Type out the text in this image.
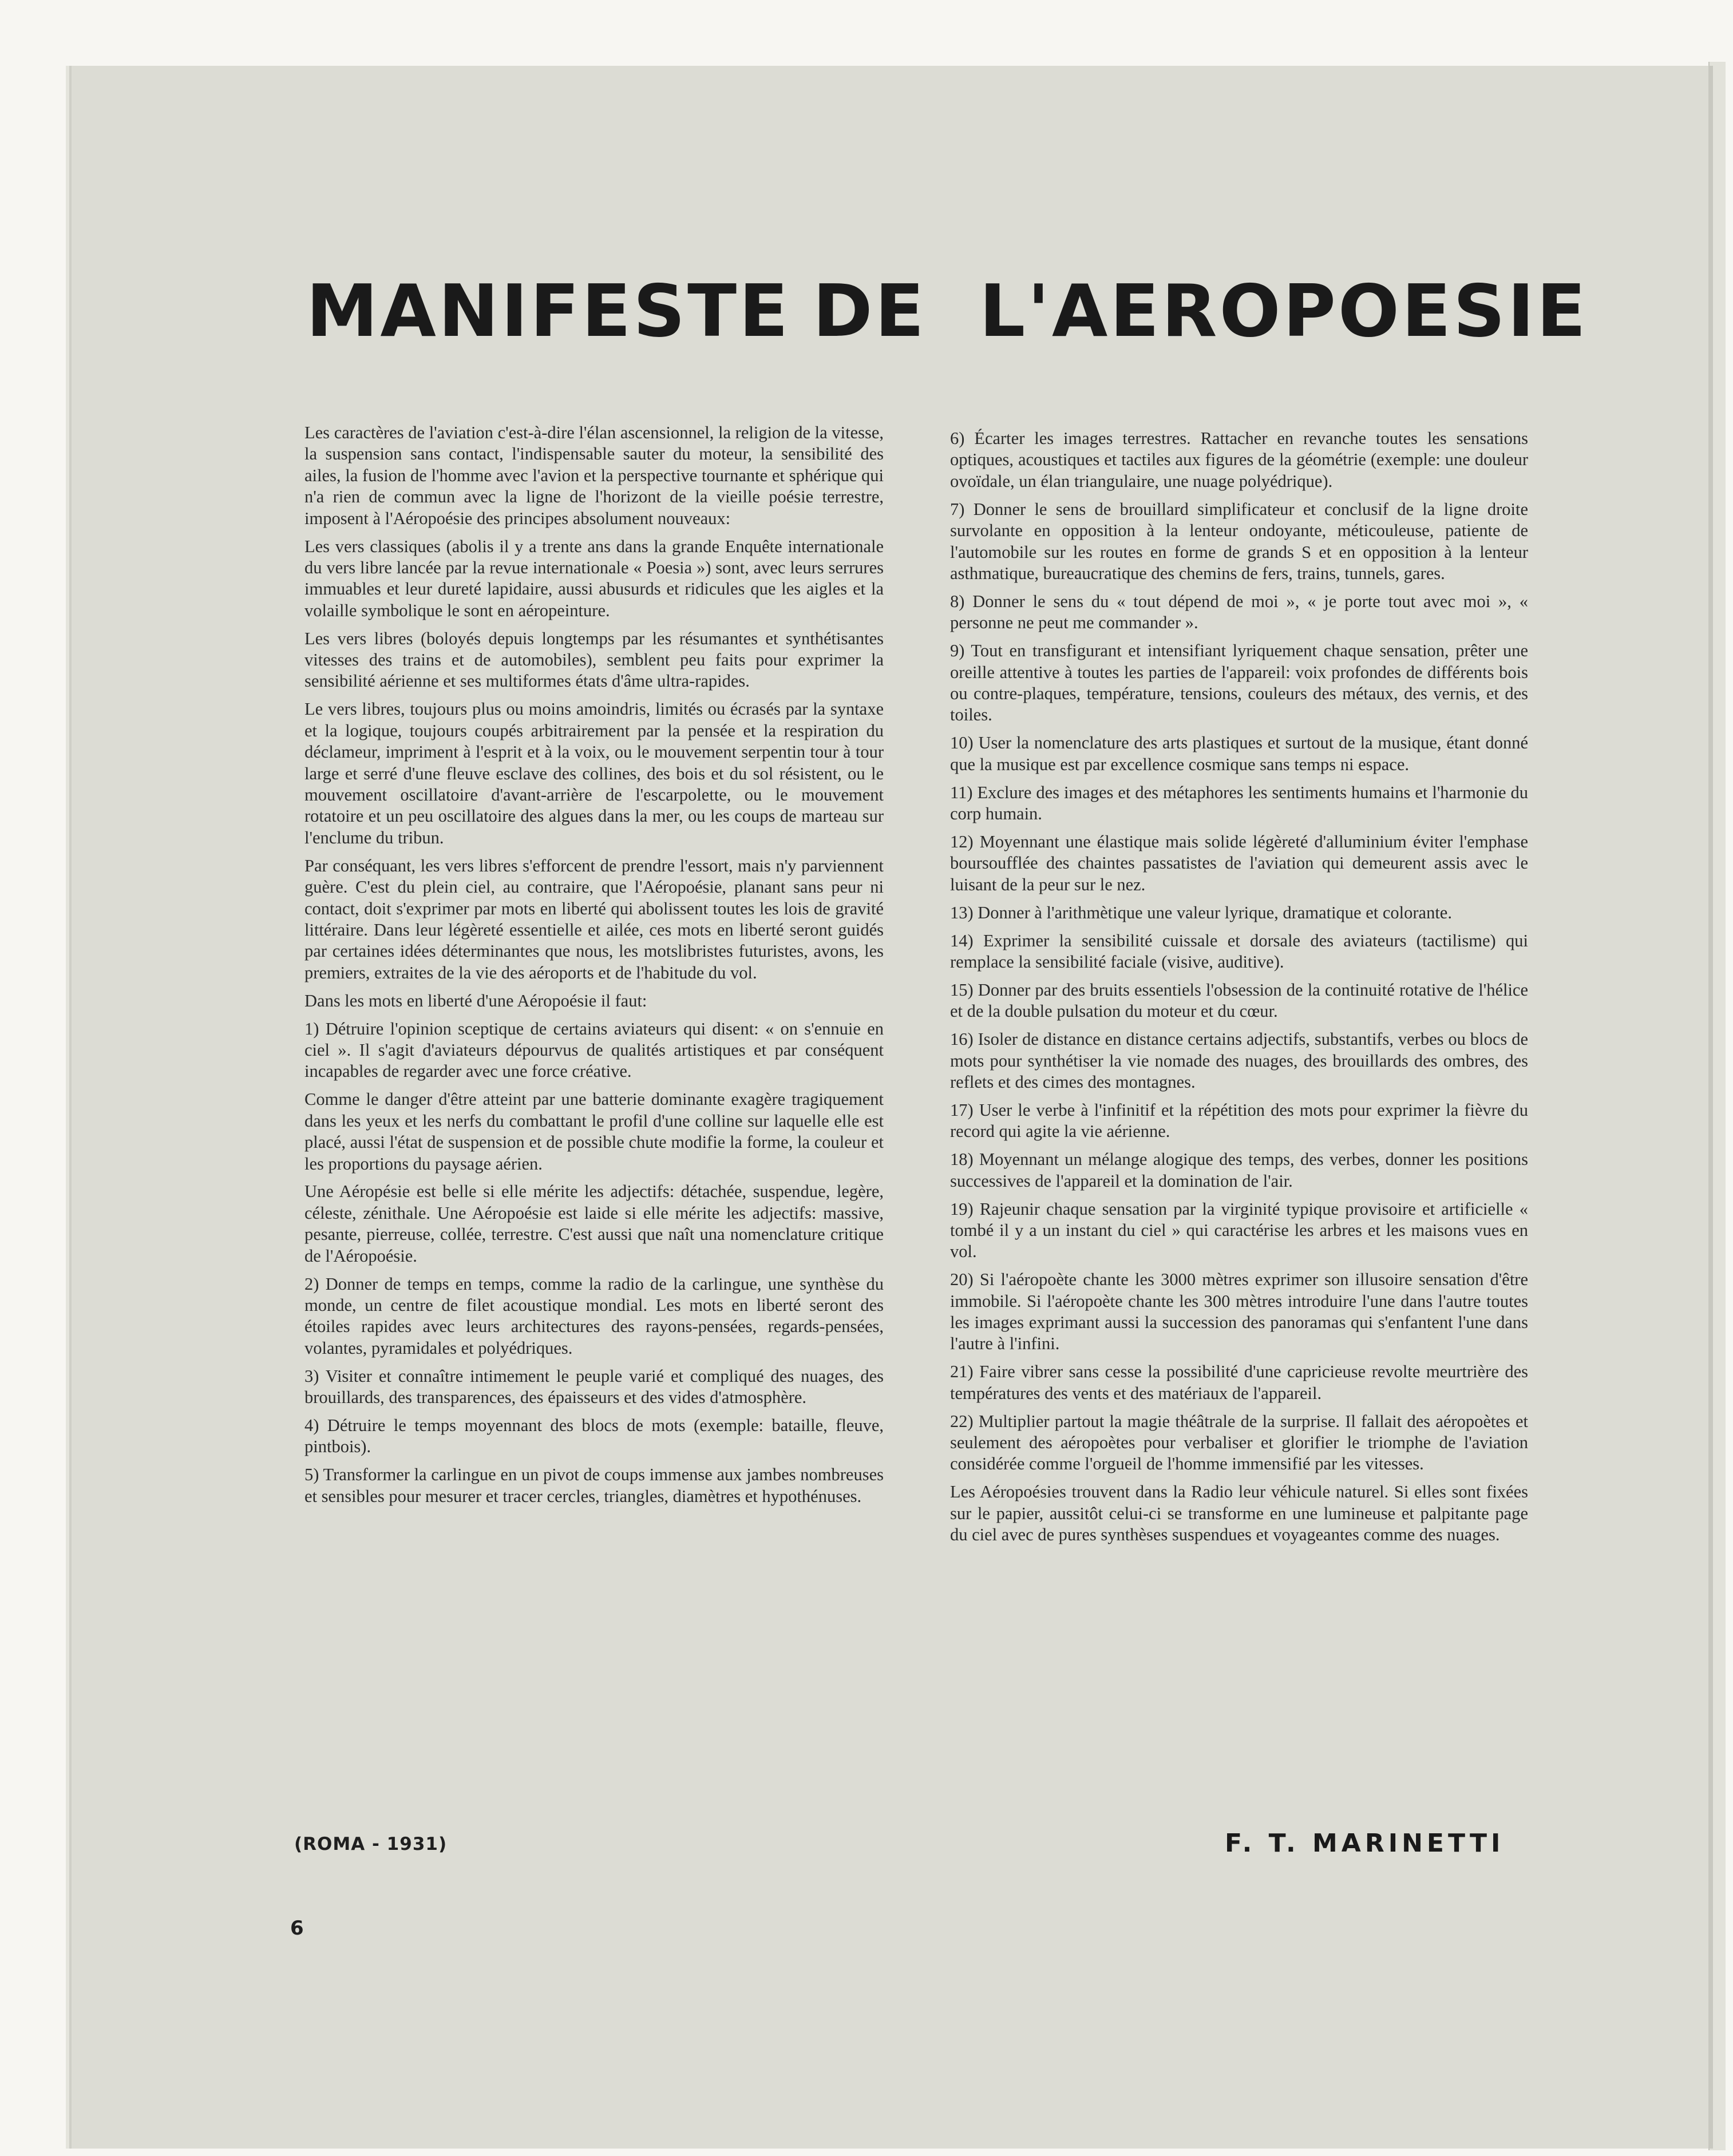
MANIFESTE DE L'AEROPOESIE

Les caractères de l'aviation c'est-à-dire l'élan ascensionnel, la religion de la vitesse, la suspension sans contact, l'indispensable sauter du moteur, la sensibilité des ailes, la fusion de l'homme avec l'avion et la perspective tournante et sphérique qui n'a rien de commun avec la ligne de l'horizont de la vieille poésie terrestre, imposent à l'Aéropoésie des principes absolument nouveaux:

Les vers classiques (abolis il y a trente ans dans la grande Enquête internationale du vers libre lancée par la revue internationale « Poesia ») sont, avec leurs serrures immuables et leur dureté lapidaire, aussi abusurds et ridicules que les aigles et la volaille symbolique le sont en aéropeinture.

Les vers libres (boloyés depuis longtemps par les résumantes et synthétisantes vitesses des trains et de automobiles), semblent peu faits pour exprimer la sensibilité aérienne et ses multiformes états d'âme ultra-rapides.

Le vers libres, toujours plus ou moins amoindris, limités ou écrasés par la syntaxe et la logique, toujours coupés arbitrairement par la pensée et la respiration du déclameur, impriment à l'esprit et à la voix, ou le mouvement serpentin tour à tour large et serré d'une fleuve esclave des collines, des bois et du sol résistent, ou le mouvement oscillatoire d'avant-arrière de l'escarpolette, ou le mouvement rotatoire et un peu oscillatoire des algues dans la mer, ou les coups de marteau sur l'enclume du tribun.

Par conséquant, les vers libres s'efforcent de prendre l'essort, mais n'y parviennent guère. C'est du plein ciel, au contraire, que l'Aéropoésie, planant sans peur ni contact, doit s'exprimer par mots en liberté qui abolissent toutes les lois de gravité littéraire. Dans leur légèreté essentielle et ailée, ces mots en liberté seront guidés par certaines idées déterminantes que nous, les motslibristes futuristes, avons, les premiers, extraites de la vie des aéroports et de l'habitude du vol.

Dans les mots en liberté d'une Aéropoésie il faut:

1) Détruire l'opinion sceptique de certains aviateurs qui disent: « on s'ennuie en ciel ». Il s'agit d'aviateurs dépourvus de qualités artistiques et par conséquent incapables de regarder avec une force créative.

Comme le danger d'être atteint par une batterie dominante exagère tragiquement dans les yeux et les nerfs du combattant le profil d'une colline sur laquelle elle est placé, aussi l'état de suspension et de possible chute modifie la forme, la couleur et les proportions du paysage aérien.

Une Aéropésie est belle si elle mérite les adjectifs: détachée, suspendue, legère, céleste, zénithale. Une Aéropoésie est laide si elle mérite les adjectifs: massive, pesante, pierreuse, collée, terrestre. C'est aussi que naît una nomenclature critique de l'Aéropoésie.

2) Donner de temps en temps, comme la radio de la carlingue, une synthèse du monde, un centre de filet acoustique mondial. Les mots en liberté seront des étoiles rapides avec leurs architectures des rayons-pensées, regards-pensées, volantes, pyramidales et polyédriques.

3) Visiter et connaître intimement le peuple varié et compliqué des nuages, des brouillards, des transparences, des épaisseurs et des vides d'atmosphère.

4) Détruire le temps moyennant des blocs de mots (exemple: bataille, fleuve, pintbois).

5) Transformer la carlingue en un pivot de coups immense aux jambes nombreuses et sensibles pour mesurer et tracer cercles, triangles, diamètres et hypothénuses.

6) Écarter les images terrestres. Rattacher en revanche toutes les sensations optiques, acoustiques et tactiles aux figures de la géométrie (exemple: une douleur ovoïdale, un élan triangulaire, une nuage polyédrique).

7) Donner le sens de brouillard simplificateur et conclusif de la ligne droite survolante en opposition à la lenteur ondoyante, méticouleuse, patiente de l'automobile sur les routes en forme de grands S et en opposition à la lenteur asthmatique, bureaucratique des chemins de fers, trains, tunnels, gares.

8) Donner le sens du « tout dépend de moi », « je porte tout avec moi », « personne ne peut me commander ».

9) Tout en transfigurant et intensifiant lyriquement chaque sensation, prêter une oreille attentive à toutes les parties de l'appareil: voix profondes de différents bois ou contre-plaques, température, tensions, couleurs des métaux, des vernis, et des toiles.

10) User la nomenclature des arts plastiques et surtout de la musique, étant donné que la musique est par excellence cosmique sans temps ni espace.

11) Exclure des images et des métaphores les sentiments humains et l'harmonie du corp humain.

12) Moyennant une élastique mais solide légèreté d'alluminium éviter l'emphase boursoufflée des chaintes passatistes de l'aviation qui demeurent assis avec le luisant de la peur sur le nez.

13) Donner à l'arithmètique une valeur lyrique, dramatique et colorante.

14) Exprimer la sensibilité cuissale et dorsale des aviateurs (tactilisme) qui remplace la sensibilité faciale (visive, auditive).

15) Donner par des bruits essentiels l'obsession de la continuité rotative de l'hélice et de la double pulsation du moteur et du cœur.

16) Isoler de distance en distance certains adjectifs, substantifs, verbes ou blocs de mots pour synthétiser la vie nomade des nuages, des brouillards des ombres, des reflets et des cimes des montagnes.

17) User le verbe à l'infinitif et la répétition des mots pour exprimer la fièvre du record qui agite la vie aérienne.

18) Moyennant un mélange alogique des temps, des verbes, donner les positions successives de l'appareil et la domination de l'air.

19) Rajeunir chaque sensation par la virginité typique provisoire et artificielle « tombé il y a un instant du ciel » qui caractérise les arbres et les maisons vues en vol.

20) Si l'aéropoète chante les 3000 mètres exprimer son illusoire sensation d'être immobile. Si l'aéropoète chante les 300 mètres introduire l'une dans l'autre toutes les images exprimant aussi la succession des panoramas qui s'enfantent l'une dans l'autre à l'infini.

21) Faire vibrer sans cesse la possibilité d'une capricieuse revolte meurtrière des températures des vents et des matériaux de l'appareil.

22) Multiplier partout la magie théâtrale de la surprise. Il fallait des aéropoètes et seulement des aéropoètes pour verbaliser et glorifier le triomphe de l'aviation considérée comme l'orgueil de l'homme immensifié par les vitesses.

Les Aéropoésies trouvent dans la Radio leur véhicule naturel. Si elles sont fixées sur le papier, aussitôt celui-ci se transforme en une lumineuse et palpitante page du ciel avec de pures synthèses suspendues et voyageantes comme des nuages.

(ROMA - 1931)	F. T. MARINETTI
6
